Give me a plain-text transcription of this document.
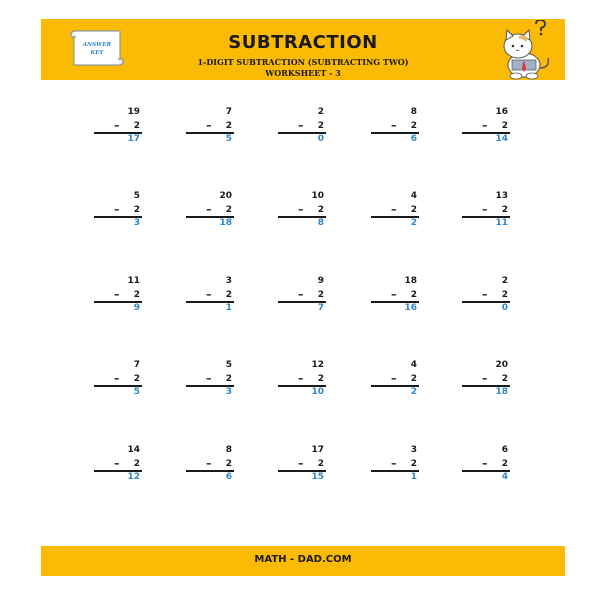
ANSWER
KEY	SUBTRACTION
1-DIGIT SUBTRACTION (SUBTRACTING TWO)
WORKSHEET - 3
19
– 2
17
7
– 2
5
2
– 2
0
8
– 2
6
16
– 2
14
5
– 2
3
20
– 2
18
10
– 2
8
4
– 2
2
13
– 2
11
11
– 2
9
3
– 2
1
9
– 2
7
18
– 2
16
2
– 2
0
7
– 2
5
5
– 2
3
12
– 2
10
4
– 2
2
20
– 2
18
14
– 2
12
8
– 2
6
17
– 2
15
3
– 2
1
6
– 2
4
MATH - DAD.COM
